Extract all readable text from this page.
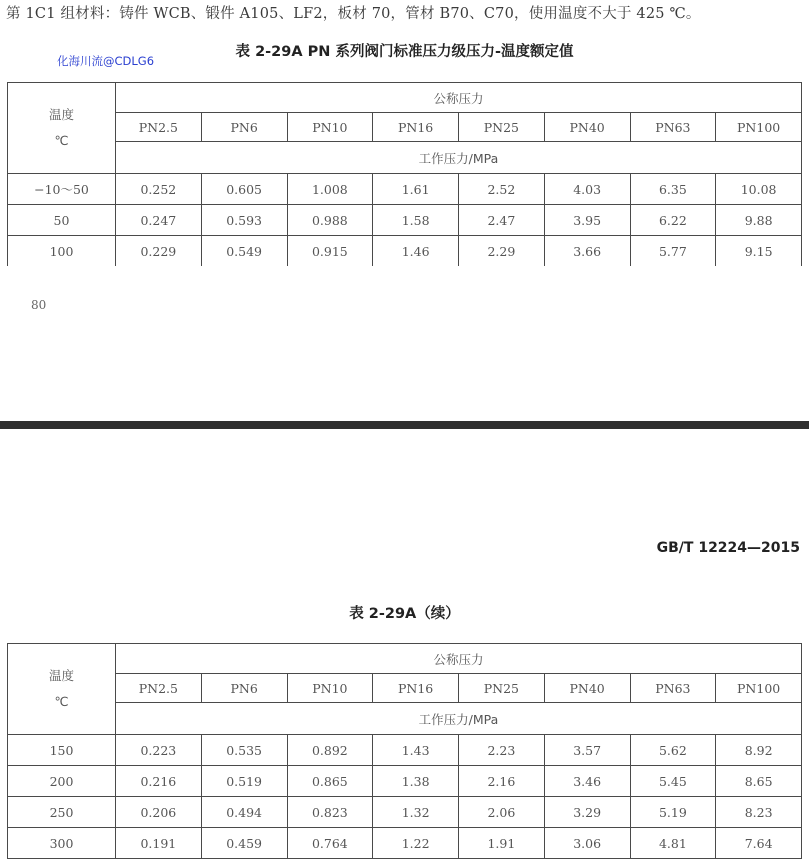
第 1C1 组材料：铸件 WCB、锻件 A105、LF2，板材 70，管材 B70、C70，使用温度不大于 425 ℃。
表 2-29A PN 系列阀门标准压力级压力-温度额定值
化海川流@CDLG6
温度
℃	公称压力							
	PN2.5	PN6	PN10	PN16	PN25	PN40	PN63	PN100
	工作压力/MPa							
−10～50	0.252	0.605	1.008	1.61	2.52	4.03	6.35	10.08
50	0.247	0.593	0.988	1.58	2.47	3.95	6.22	9.88
100	0.229	0.549	0.915	1.46	2.29	3.66	5.77	9.15
80
GB/T 12224—2015
表 2-29A（续）
温度
℃	公称压力							
	PN2.5	PN6	PN10	PN16	PN25	PN40	PN63	PN100
	工作压力/MPa							
150	0.223	0.535	0.892	1.43	2.23	3.57	5.62	8.92
200	0.216	0.519	0.865	1.38	2.16	3.46	5.45	8.65
250	0.206	0.494	0.823	1.32	2.06	3.29	5.19	8.23
300	0.191	0.459	0.764	1.22	1.91	3.06	4.81	7.64
